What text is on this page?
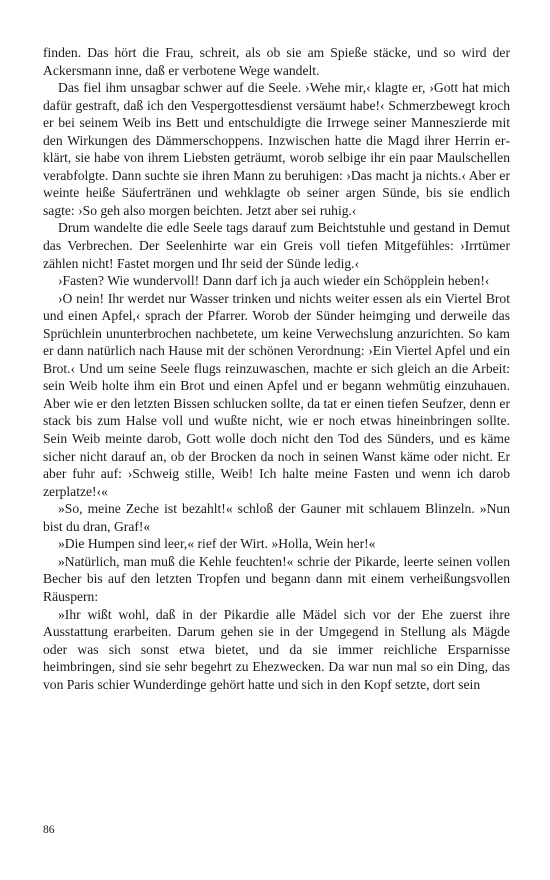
finden. Das hört die Frau, schreit, als ob sie am Spieße stäcke, und so wird der Ackersmann inne, daß er verbotene Wege wandelt.

Das fiel ihm unsagbar schwer auf die Seele. ›Wehe mir,‹ klagte er, ›Gott hat mich dafür gestraft, daß ich den Vespergottesdienst versäumt habe!‹ Schmerzbewegt kroch er bei seinem Weib ins Bett und entschuldigte die Irrwege seiner Manneszierde mit den Wirkungen des Dämmerschoppens. Inzwischen hatte die Magd ihrer Herrin erklärt, sie habe von ihrem Liebsten geträumt, worob selbige ihr ein paar Maulschellen verabfolgte. Dann suchte sie ihren Mann zu beruhigen: ›Das macht ja nichts.‹ Aber er weinte heiße Säufertränen und wehklagte ob seiner argen Sünde, bis sie endlich sagte: ›So geh also morgen beichten. Jetzt aber sei ruhig.‹

Drum wandelte die edle Seele tags darauf zum Beichtstuhle und gestand in Demut das Verbrechen. Der Seelenhirte war ein Greis voll tiefen Mitgefühles: ›Irrtümer zählen nicht! Fastet morgen und Ihr seid der Sünde ledig.‹

›Fasten? Wie wundervoll! Dann darf ich ja auch wieder ein Schöpplein heben!‹

›O nein! Ihr werdet nur Wasser trinken und nichts weiter essen als ein Viertel Brot und einen Apfel,‹ sprach der Pfarrer. Worob der Sünder heimging und derweile das Sprüchlein ununterbrochen nachbetete, um keine Verwechslung anzurichten. So kam er dann natürlich nach Hause mit der schönen Verordnung: ›Ein Viertel Apfel und ein Brot.‹ Und um seine Seele flugs reinzuwaschen, machte er sich gleich an die Arbeit: sein Weib holte ihm ein Brot und einen Apfel und er begann wehmütig einzuhauen. Aber wie er den letzten Bissen schlucken sollte, da tat er einen tiefen Seufzer, denn er stack bis zum Halse voll und wußte nicht, wie er noch etwas hineinbringen sollte. Sein Weib meinte darob, Gott wolle doch nicht den Tod des Sünders, und es käme sicher nicht darauf an, ob der Brocken da noch in seinen Wanst käme oder nicht. Er aber fuhr auf: ›Schweig stille, Weib! Ich halte meine Fasten und wenn ich darob zerplatze!‹«

»So, meine Zeche ist bezahlt!« schloß der Gauner mit schlauem Blinzeln. »Nun bist du dran, Graf!«

»Die Humpen sind leer,« rief der Wirt. »Holla, Wein her!«

»Natürlich, man muß die Kehle feuchten!« schrie der Pikarde, leerte seinen vollen Becher bis auf den letzten Tropfen und begann dann mit einem verheißungsvollen Räuspern:

»Ihr wißt wohl, daß in der Pikardie alle Mädel sich vor der Ehe zuerst ihre Ausstattung erarbeiten. Darum gehen sie in der Umgegend in Stellung als Mägde oder was sich sonst etwa bietet, und da sie immer reichliche Ersparnisse heimbringen, sind sie sehr begehrt zu Ehezwecken. Da war nun mal so ein Ding, das von Paris schier Wunderdinge gehört hatte und sich in den Kopf setzte, dort sein

86
